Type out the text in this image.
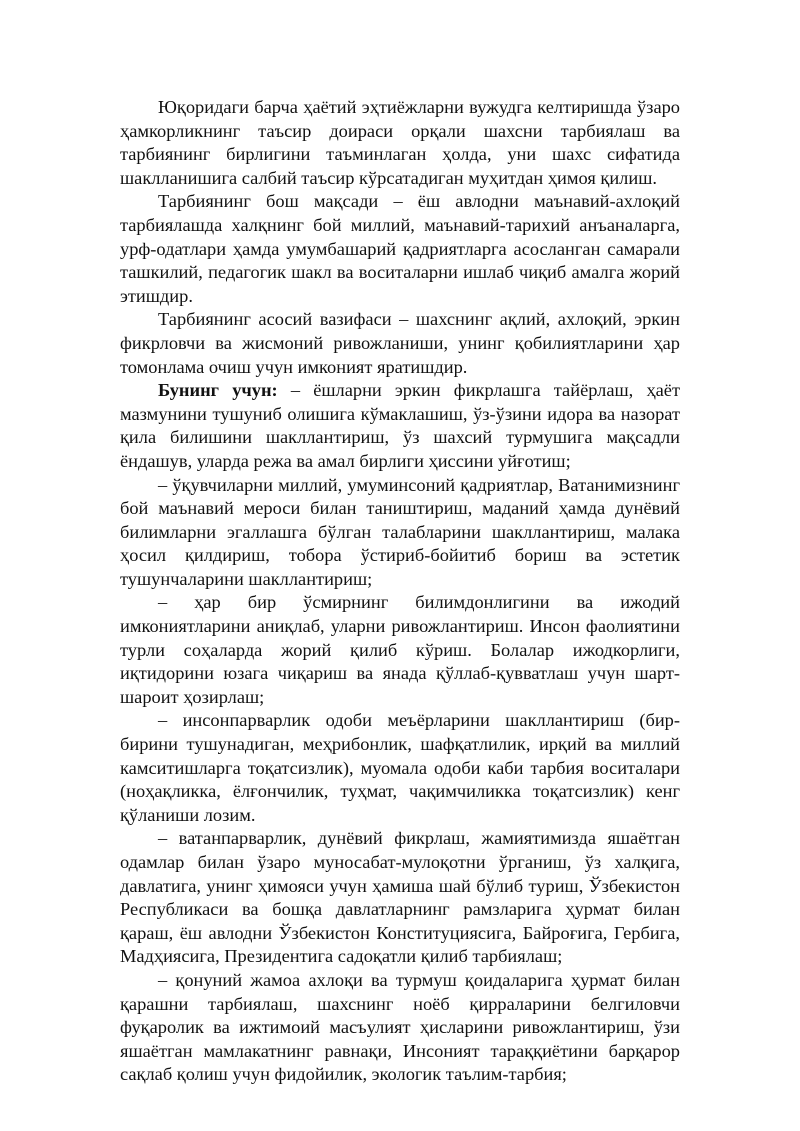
Юқоридаги барча ҳаётий эҳтиёжларни вужудга келтиришда ўзаро ҳамкорликнинг таъсир доираси орқали шахсни тарбиялаш ва тарбиянинг бирлигини таъминлаган ҳолда, уни шахс сифатида шаклланишига салбий таъсир кўрсатадиган муҳитдан ҳимоя қилиш.

Тарбиянинг бош мақсади – ёш авлодни маънавий-ахлоқий тарбиялашда халқнинг бой миллий, маънавий-тарихий анъаналарга, урф-одатлари ҳамда умумбашарий қадриятларга асосланган самарали ташкилий, педагогик шакл ва воситаларни ишлаб чиқиб амалга жорий этишдир.

Тарбиянинг асосий вазифаси – шахснинг ақлий, ахлоқий, эркин фикрловчи ва жисмоний ривожланиши, унинг қобилиятларини ҳар томонлама очиш учун имконият яратишдир.

Бунинг учун: – ёшларни эркин фикрлашга тайёрлаш, ҳаёт мазмунини тушуниб олишига кўмаклашиш, ўз-ўзини идора ва назорат қила билишини шакллантириш, ўз шахсий турмушига мақсадли ёндашув, уларда режа ва амал бирлиги ҳиссини уйғотиш;

– ўқувчиларни миллий, умуминсоний қадриятлар, Ватанимизнинг бой маънавий мероси билан таништириш, маданий ҳамда дунёвий билимларни эгаллашга бўлган талабларини шакллантириш, малака ҳосил қилдириш, тобора ўстириб-бойитиб бориш ва эстетик тушунчаларини шакллантириш;

– ҳар бир ўсмирнинг билимдонлигини ва ижодий имкониятларини аниқлаб, уларни ривожлантириш. Инсон фаолиятини турли соҳаларда жорий қилиб кўриш. Болалар ижодкорлиги, иқтидорини юзага чиқариш ва янада қўллаб-қувватлаш учун шарт-шароит ҳозирлаш;

– инсонпарварлик одоби меъёрларини шакллантириш (бир-бирини тушунадиган, меҳрибонлик, шафқатлилик, ирқий ва миллий камситишларга тоқатсизлик), муомала одоби каби тарбия воситалари (ноҳақликка, ёлғончилик, туҳмат, чақимчиликка тоқатсизлик) кенг қўланиши лозим.

– ватанпарварлик, дунёвий фикрлаш, жамиятимизда яшаётган одамлар билан ўзаро муносабат-мулоқотни ўрганиш, ўз халқига, давлатига, унинг ҳимояси учун ҳамиша шай бўлиб туриш, Ўзбекистон Республикаси ва бошқа давлатларнинг рамзларига ҳурмат билан қараш, ёш авлодни Ўзбекистон Конституциясига, Байроғига, Гербига, Мадҳиясига, Президентига садоқатли қилиб тарбиялаш;

– қонуний жамоа ахлоқи ва турмуш қоидаларига ҳурмат билан қарашни тарбиялаш, шахснинг ноёб қирраларини белгиловчи фуқаролик ва ижтимоий масъулият ҳисларини ривожлантириш, ўзи яшаётган мамлакатнинг равнақи, Инсоният тараққиётини барқарор сақлаб қолиш учун фидойилик, экологик таълим-тарбия;
